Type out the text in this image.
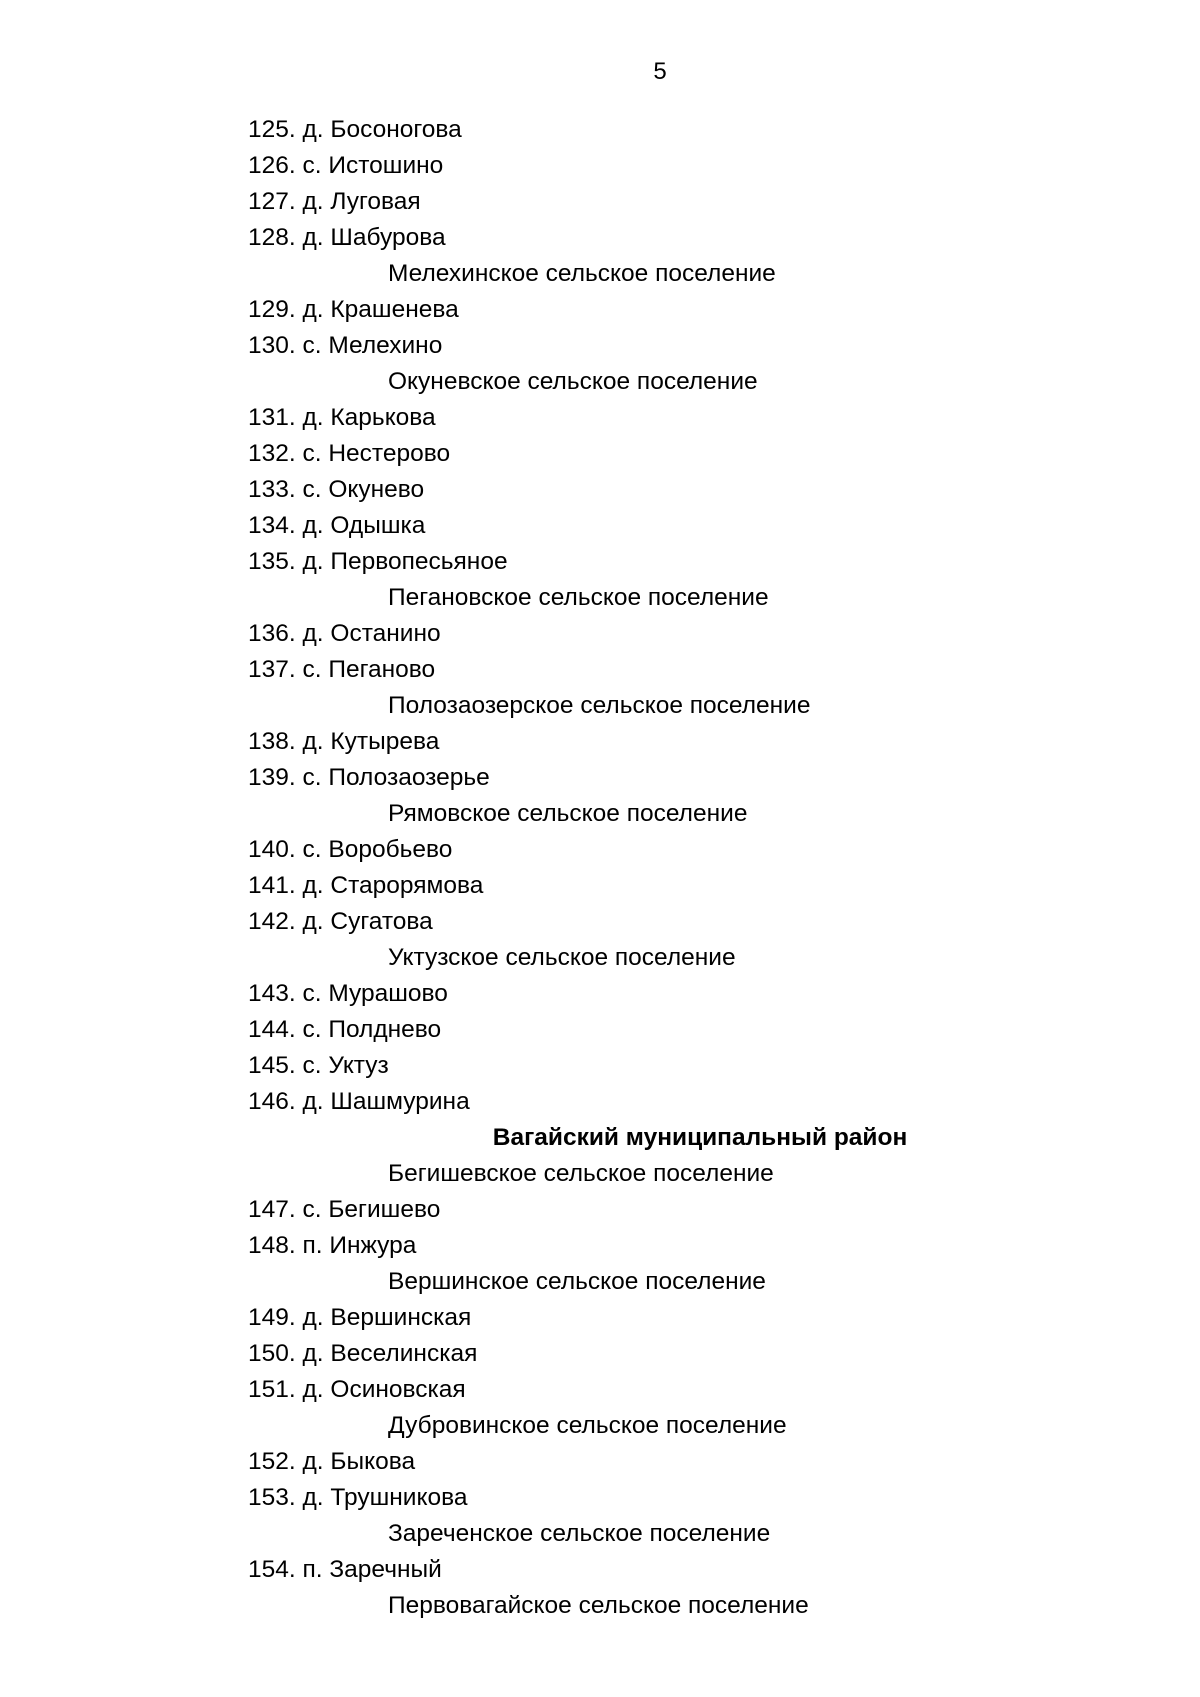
5
125. д. Босоногова
126. с. Истошино
127. д. Луговая
128. д. Шабурова
Мелехинское сельское поселение
129. д. Крашенева
130. с. Мелехино
Окуневское сельское поселение
131. д. Карькова
132. с. Нестерово
133. с. Окунево
134. д. Одышка
135. д. Первопесьяное
Пегановское сельское поселение
136. д. Останино
137. с. Пеганово
Полозаозерское сельское поселение
138. д. Кутырева
139. с. Полозаозерье
Рямовское сельское поселение
140. с. Воробьево
141. д. Старорямова
142. д. Сугатова
Уктузское сельское поселение
143. с. Мурашово
144. с. Полднево
145. с. Уктуз
146. д. Шашмурина
Вагайский муниципальный район
Бегишевское сельское поселение
147. с. Бегишево
148. п. Инжура
Вершинское сельское поселение
149. д. Вершинская
150. д. Веселинская
151. д. Осиновская
Дубровинское сельское поселение
152. д. Быкова
153. д. Трушникова
Зареченское сельское поселение
154. п. Заречный
Первовагайское сельское поселение
